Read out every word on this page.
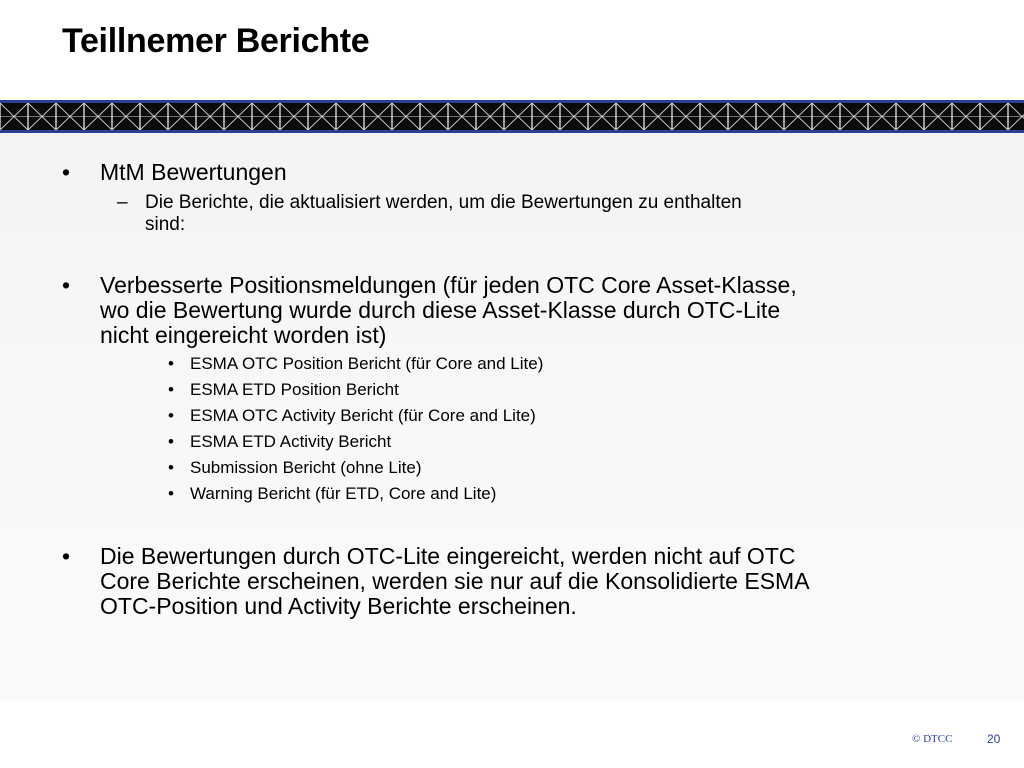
Teillnemer Berichte
• MtM Bewertungen
– Die Berichte, die aktualisiert werden, um die Bewertungen zu enthalten
sind:
• Verbesserte Positionsmeldungen (für jeden OTC Core Asset-Klasse,
wo die Bewertung wurde durch diese Asset-Klasse durch OTC-Lite
nicht eingereicht worden ist)
• ESMA OTC Position Bericht (für Core and Lite)
• ESMA ETD Position Bericht
• ESMA OTC Activity Bericht (für Core and Lite)
• ESMA ETD Activity Bericht
• Submission Bericht (ohne Lite)
• Warning Bericht (für ETD, Core and Lite)
• Die Bewertungen durch OTC-Lite eingereicht, werden nicht auf OTC
Core Berichte erscheinen, werden sie nur auf die Konsolidierte ESMA
OTC-Position und Activity Berichte erscheinen.
© DTCC	20
